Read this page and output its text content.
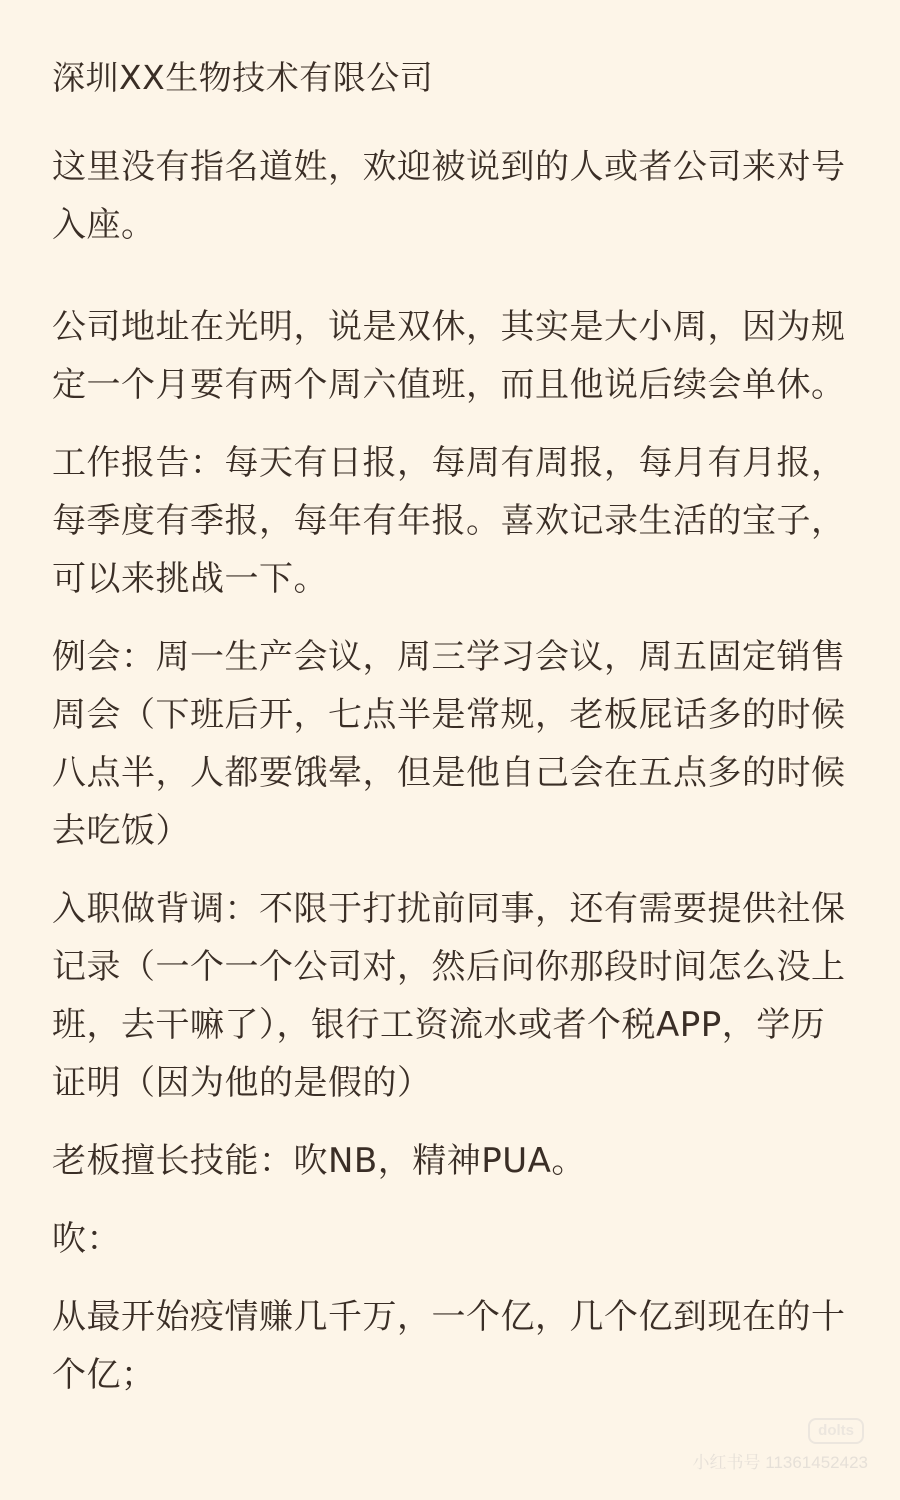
深圳XX生物技术有限公司

这里没有指名道姓，欢迎被说到的人或者公司来对号入座。

公司地址在光明，说是双休，其实是大小周，因为规定一个月要有两个周六值班，而且他说后续会单休。

工作报告：每天有日报，每周有周报，每月有月报，每季度有季报，每年有年报。喜欢记录生活的宝子，可以来挑战一下。

例会：周一生产会议，周三学习会议，周五固定销售周会（下班后开，七点半是常规，老板屁话多的时候八点半，人都要饿晕，但是他自己会在五点多的时候去吃饭）

入职做背调：不限于打扰前同事，还有需要提供社保记录（一个一个公司对，然后问你那段时间怎么没上班，去干嘛了），银行工资流水或者个税APP，学历证明（因为他的是假的）

老板擅长技能：吹NB，精神PUA。

吹：

从最开始疫情赚几千万，一个亿，几个亿到现在的十个亿；

dolts
小红书号 11361452423
